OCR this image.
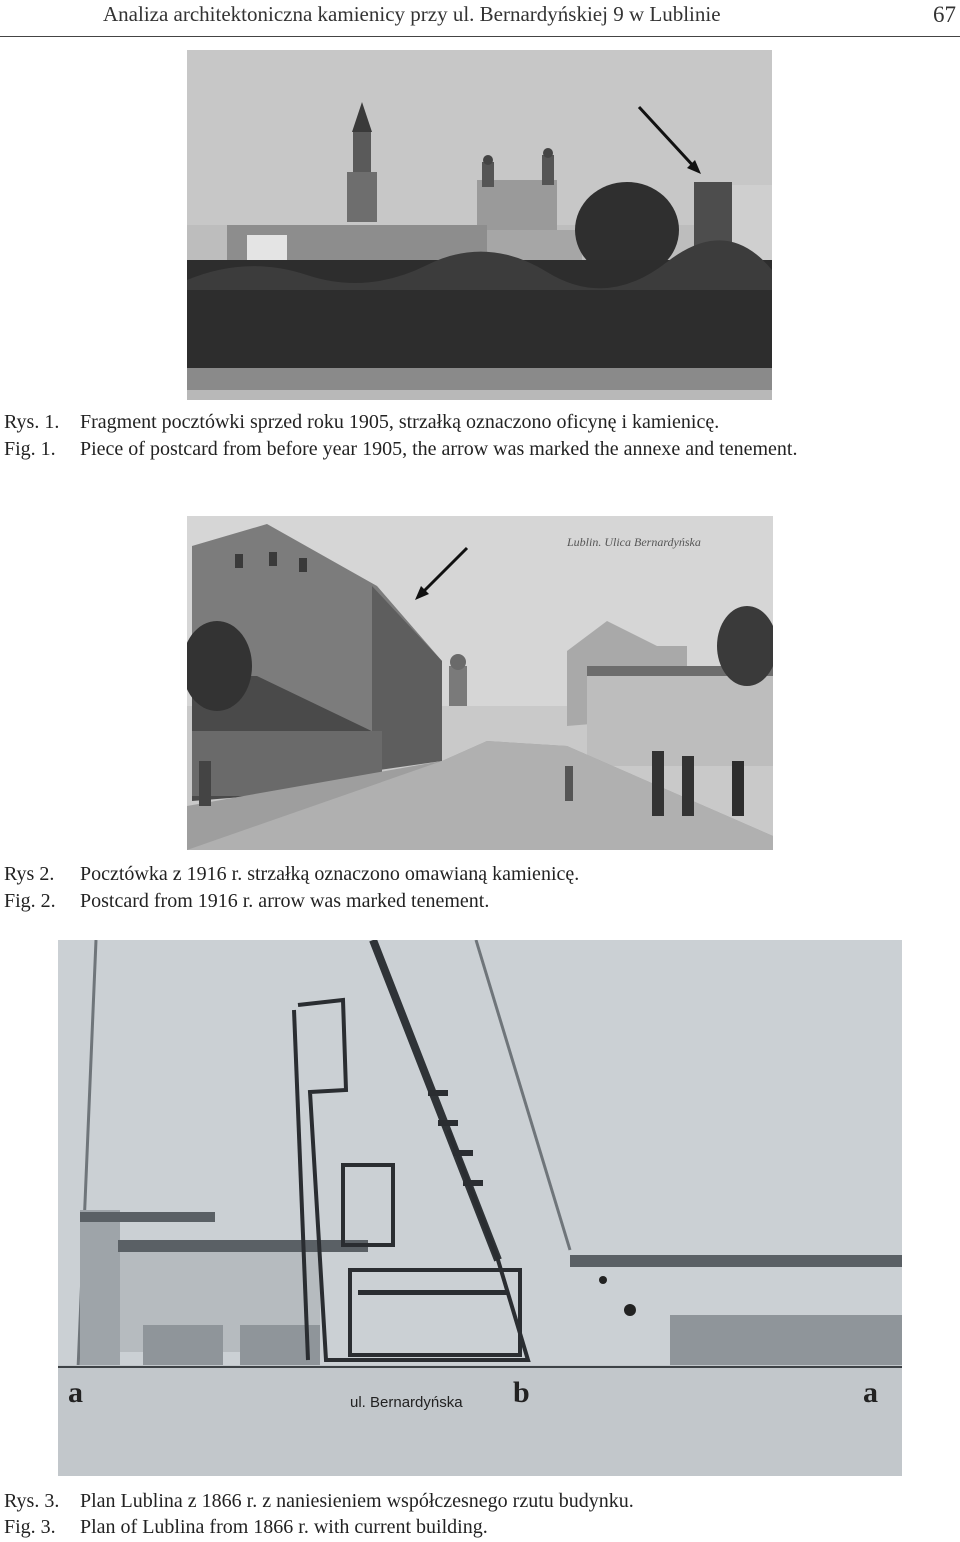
Analiza architektoniczna kamienicy przy ul. Bernardyńskiej 9 w Lublinie	67
Rys. 1. Fragment pocztówki sprzed roku 1905, strzałką oznaczono oficynę i kamienicę.
Fig. 1. Piece of postcard from before year 1905, the arrow was marked the annexe and tenement.
Lublin. Ulica Bernardyńska
Rys 2. Pocztówka z 1916 r. strzałką oznaczono omawianą kamienicę.
Fig. 2. Postcard from 1916 r. arrow was marked tenement.
a	b	a
ul. Bernardyńska
Rys. 3. Plan Lublina z 1866 r. z naniesieniem współczesnego rzutu budynku.
Fig. 3. Plan of Lublina from 1866 r. with current building.
